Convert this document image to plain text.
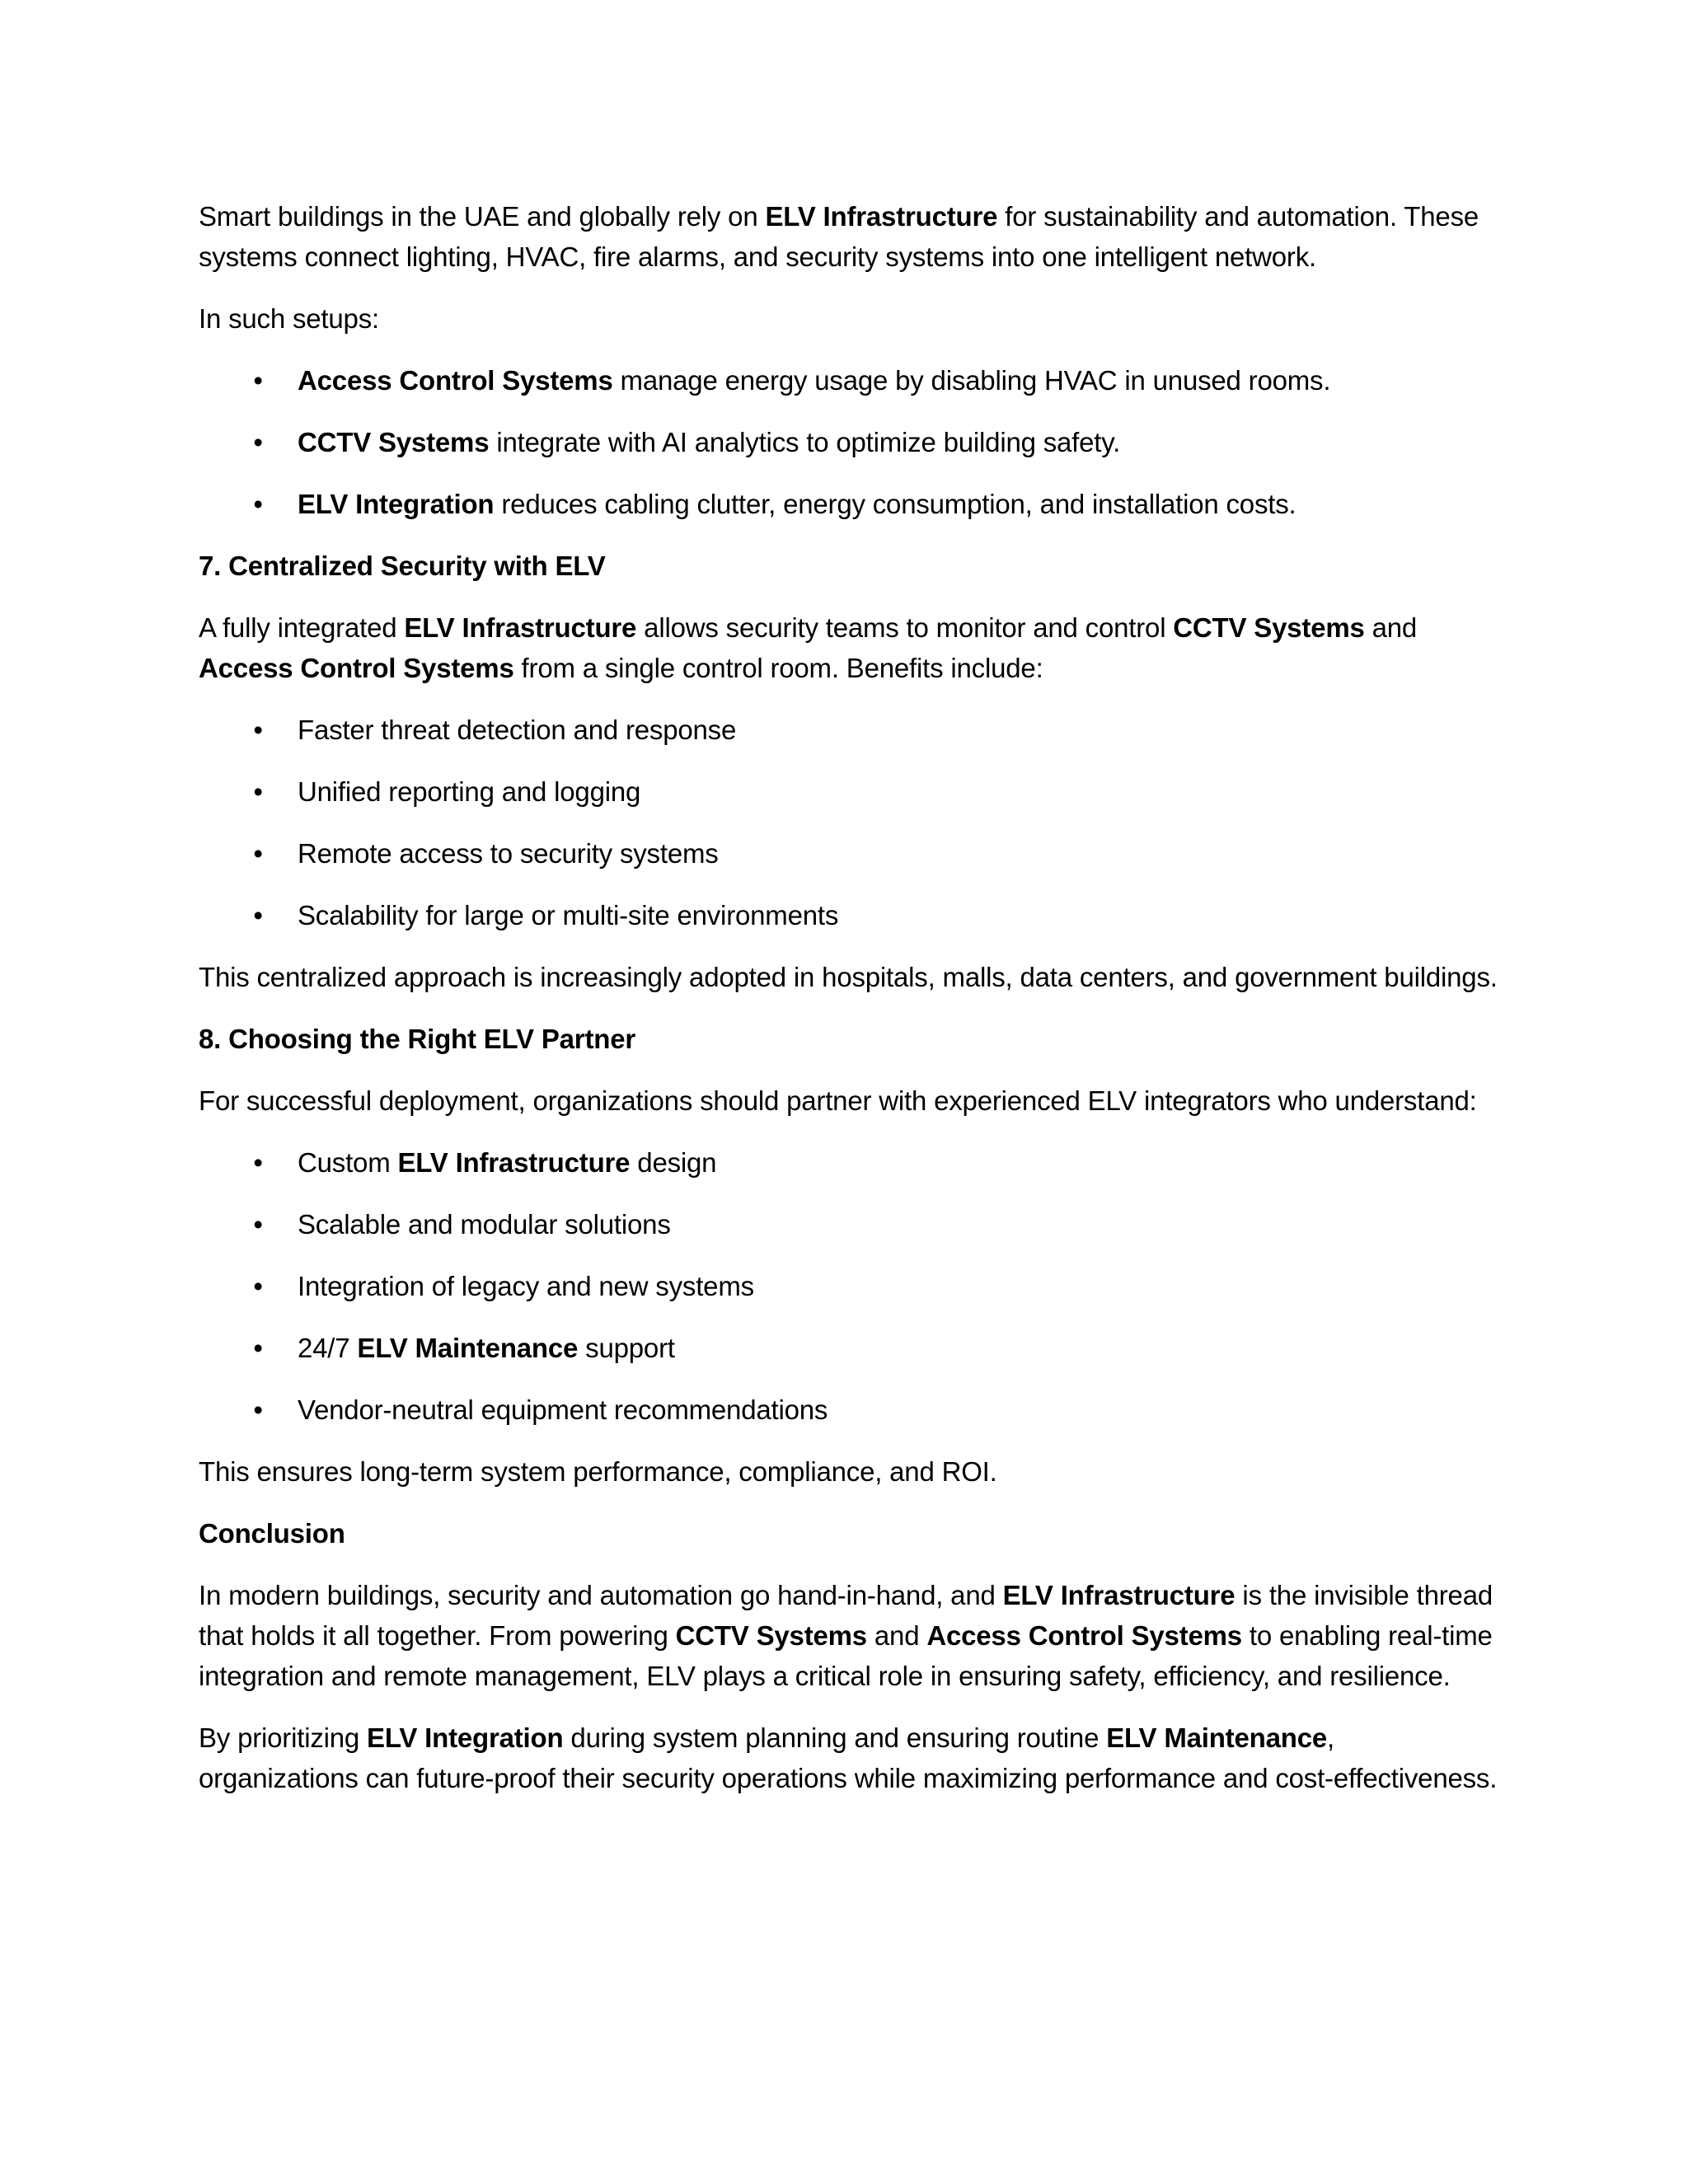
Smart buildings in the UAE and globally rely on ELV Infrastructure for sustainability and automation. These systems connect lighting, HVAC, fire alarms, and security systems into one intelligent network.

In such setups:

• Access Control Systems manage energy usage by disabling HVAC in unused rooms.
• CCTV Systems integrate with AI analytics to optimize building safety.
• ELV Integration reduces cabling clutter, energy consumption, and installation costs.
7. Centralized Security with ELV

A fully integrated ELV Infrastructure allows security teams to monitor and control CCTV Systems and Access Control Systems from a single control room. Benefits include:

• Faster threat detection and response
• Unified reporting and logging
• Remote access to security systems
• Scalability for large or multi-site environments

This centralized approach is increasingly adopted in hospitals, malls, data centers, and government buildings.

8. Choosing the Right ELV Partner

For successful deployment, organizations should partner with experienced ELV integrators who understand:

• Custom ELV Infrastructure design
• Scalable and modular solutions
• Integration of legacy and new systems
• 24/7 ELV Maintenance support
• Vendor-neutral equipment recommendations

This ensures long-term system performance, compliance, and ROI.

Conclusion

In modern buildings, security and automation go hand-in-hand, and ELV Infrastructure is the invisible thread that holds it all together. From powering CCTV Systems and Access Control Systems to enabling real-time integration and remote management, ELV plays a critical role in ensuring safety, efficiency, and resilience.

By prioritizing ELV Integration during system planning and ensuring routine ELV Maintenance, organizations can future-proof their security operations while maximizing performance and cost-effectiveness.
